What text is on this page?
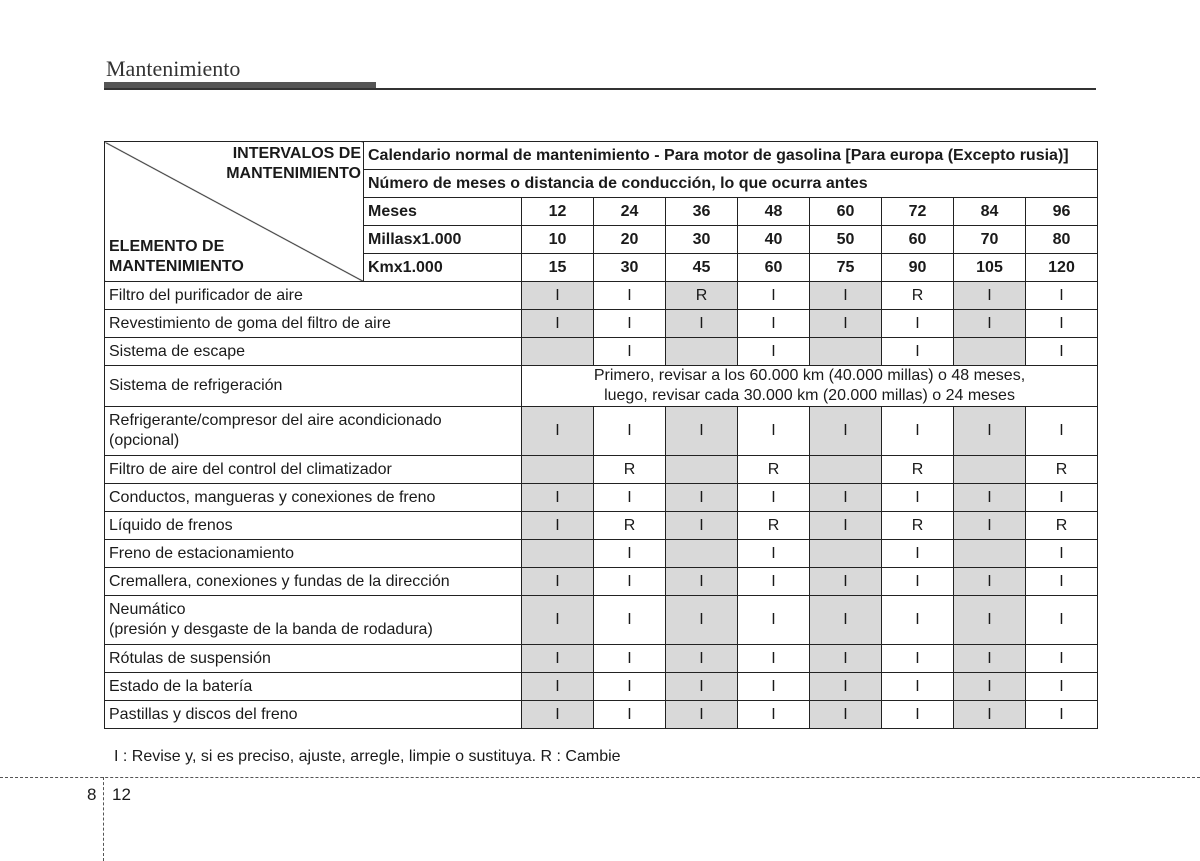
Mantenimiento
INTERVALOS DE
MANTENIMIENTO
ELEMENTO DE
MANTENIMIENTO	Calendario normal de mantenimiento - Para motor de gasolina [Para europa (Excepto rusia)]								
	Número de meses o distancia de conducción, lo que ocurra antes								
	Meses	12	24	36	48	60	72	84	96
	Millasx1.000	10	20	30	40	50	60	70	80
	Kmx1.000	15	30	45	60	75	90	105	120
Filtro del purificador de aire		I	I	R	I	I	R	I	I
Revestimiento de goma del filtro de aire		I	I	I	I	I	I	I	I
Sistema de escape			I		I		I		I
Sistema de refrigeración		Primero, revisar a los 60.000 km (40.000 millas) o 48 meses,
luego, revisar cada 30.000 km (20.000 millas) o 24 meses							
Refrigerante/compresor del aire acondicionado
(opcional)		I	I	I	I	I	I	I	I
Filtro de aire del control del climatizador			R		R		R		R
Conductos, mangueras y conexiones de freno		I	I	I	I	I	I	I	I
Líquido de frenos		I	R	I	R	I	R	I	R
Freno de estacionamiento			I		I		I		I
Cremallera, conexiones y fundas de la dirección		I	I	I	I	I	I	I	I
Neumático
(presión y desgaste de la banda de rodadura)		I	I	I	I	I	I	I	I
Rótulas de suspensión		I	I	I	I	I	I	I	I
Estado de la batería		I	I	I	I	I	I	I	I
Pastillas y discos del freno		I	I	I	I	I	I	I	I
I : Revise y, si es preciso, ajuste, arregle, limpie o sustituya. R : Cambie
8 12
